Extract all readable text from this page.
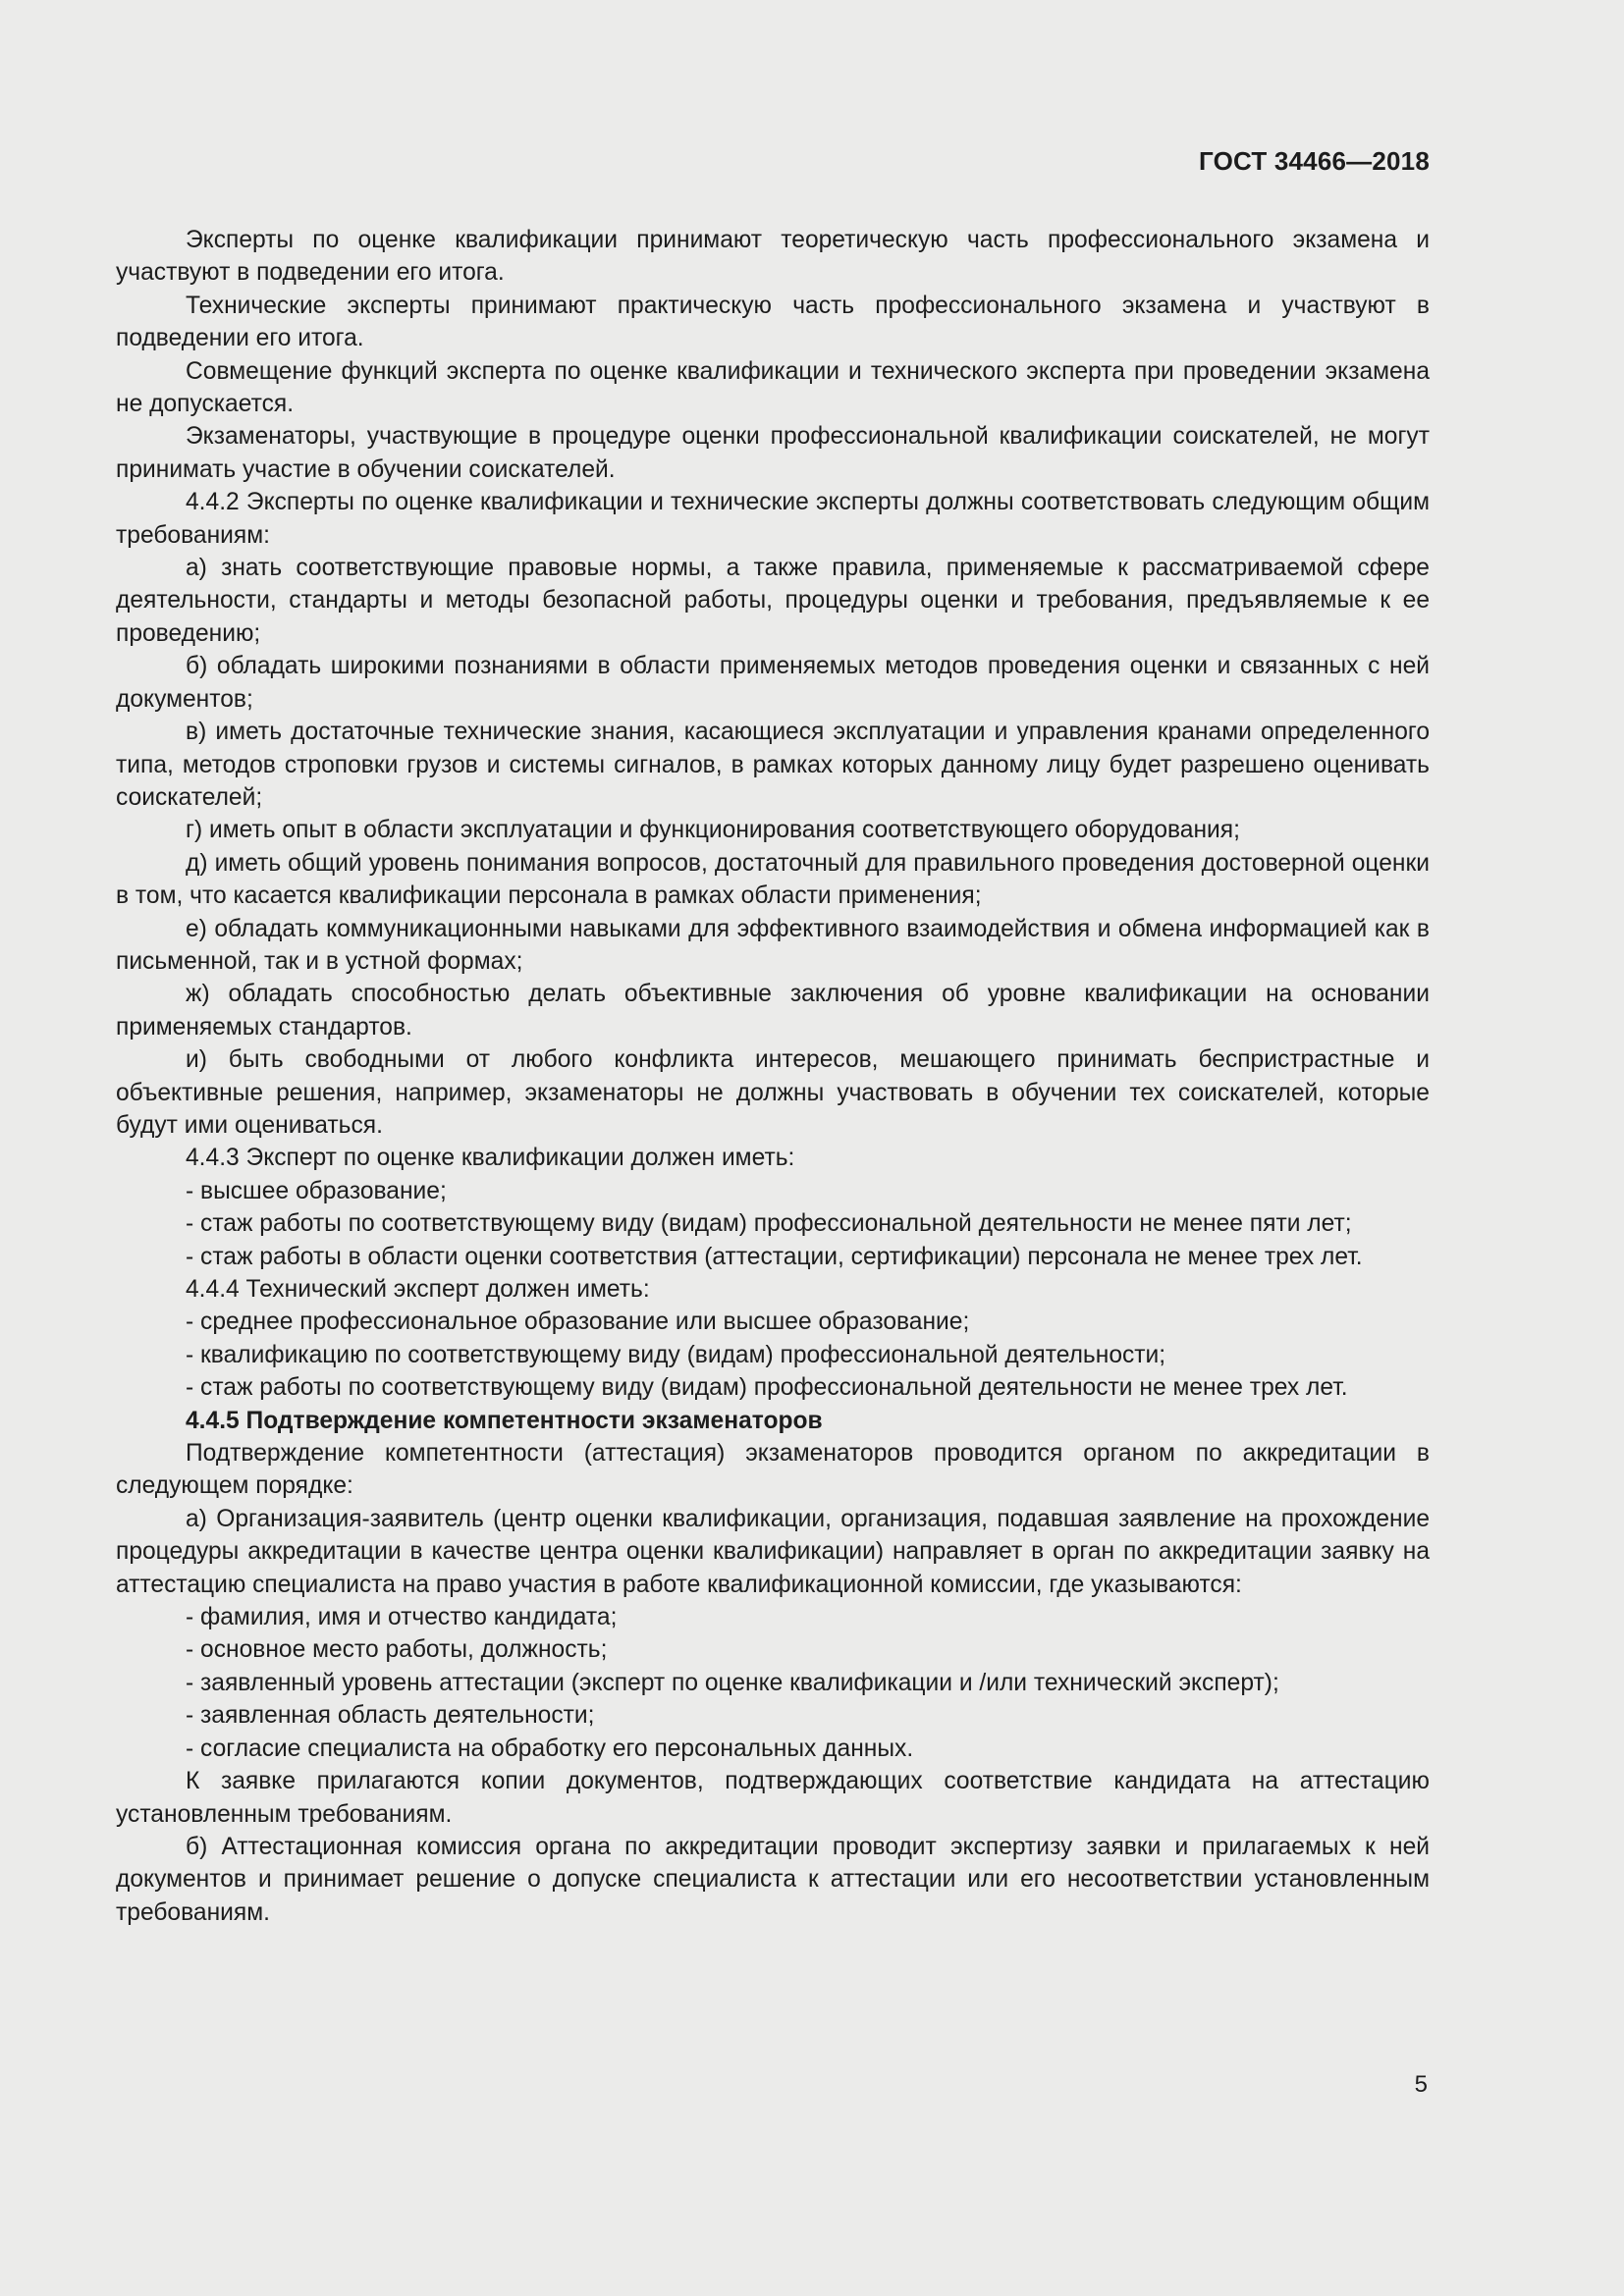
ГОСТ 34466—2018

Эксперты по оценке квалификации принимают теоретическую часть профессионального экзамена и участвуют в подведении его итога.

Технические эксперты принимают практическую часть профессионального экзамена и участвуют в подведении его итога.

Совмещение функций эксперта по оценке квалификации и технического эксперта при проведении экзамена не допускается.

Экзаменаторы, участвующие в процедуре оценки профессиональной квалификации соискателей, не могут принимать участие в обучении соискателей.

4.4.2 Эксперты по оценке квалификации и технические эксперты должны соответствовать следующим общим требованиям:

а) знать соответствующие правовые нормы, а также правила, применяемые к рассматриваемой сфере деятельности, стандарты и методы безопасной работы, процедуры оценки и требования, предъявляемые к ее проведению;

б) обладать широкими познаниями в области применяемых методов проведения оценки и связанных с ней документов;

в) иметь достаточные технические знания, касающиеся эксплуатации и управления кранами определенного типа, методов строповки грузов и системы сигналов, в рамках которых данному лицу будет разрешено оценивать соискателей;

г) иметь опыт в области эксплуатации и функционирования соответствующего оборудования;

д) иметь общий уровень понимания вопросов, достаточный для правильного проведения достоверной оценки в том, что касается квалификации персонала в рамках области применения;

е) обладать коммуникационными навыками для эффективного взаимодействия и обмена информацией как в письменной, так и в устной формах;

ж) обладать способностью делать объективные заключения об уровне квалификации на основании применяемых стандартов.

и) быть свободными от любого конфликта интересов, мешающего принимать беспристрастные и объективные решения, например, экзаменаторы не должны участвовать в обучении тех соискателей, которые будут ими оцениваться.

4.4.3 Эксперт по оценке квалификации должен иметь:

- высшее образование;

- стаж работы по соответствующему виду (видам) профессиональной деятельности не менее пяти лет;

- стаж работы в области оценки соответствия (аттестации, сертификации) персонала не менее трех лет.

4.4.4 Технический эксперт должен иметь:

- среднее профессиональное образование или высшее образование;

- квалификацию по соответствующему виду (видам) профессиональной деятельности;

- стаж работы по соответствующему виду (видам) профессиональной деятельности не менее трех лет.

4.4.5 Подтверждение компетентности экзаменаторов

Подтверждение компетентности (аттестация) экзаменаторов проводится органом по аккредитации в следующем порядке:

а) Организация-заявитель (центр оценки квалификации, организация, подавшая заявление на прохождение процедуры аккредитации в качестве центра оценки квалификации) направляет в орган по аккредитации заявку на аттестацию специалиста на право участия в работе квалификационной комиссии, где указываются:

- фамилия, имя и отчество кандидата;

- основное место работы, должность;

- заявленный уровень аттестации (эксперт по оценке квалификации и /или технический эксперт);

- заявленная область деятельности;

- согласие специалиста на обработку его персональных данных.

К заявке прилагаются копии документов, подтверждающих соответствие кандидата на аттестацию установленным требованиям.

б) Аттестационная комиссия органа по аккредитации проводит экспертизу заявки и прилагаемых к ней документов и принимает решение о допуске специалиста к аттестации или его несоответствии установленным требованиям.

5
